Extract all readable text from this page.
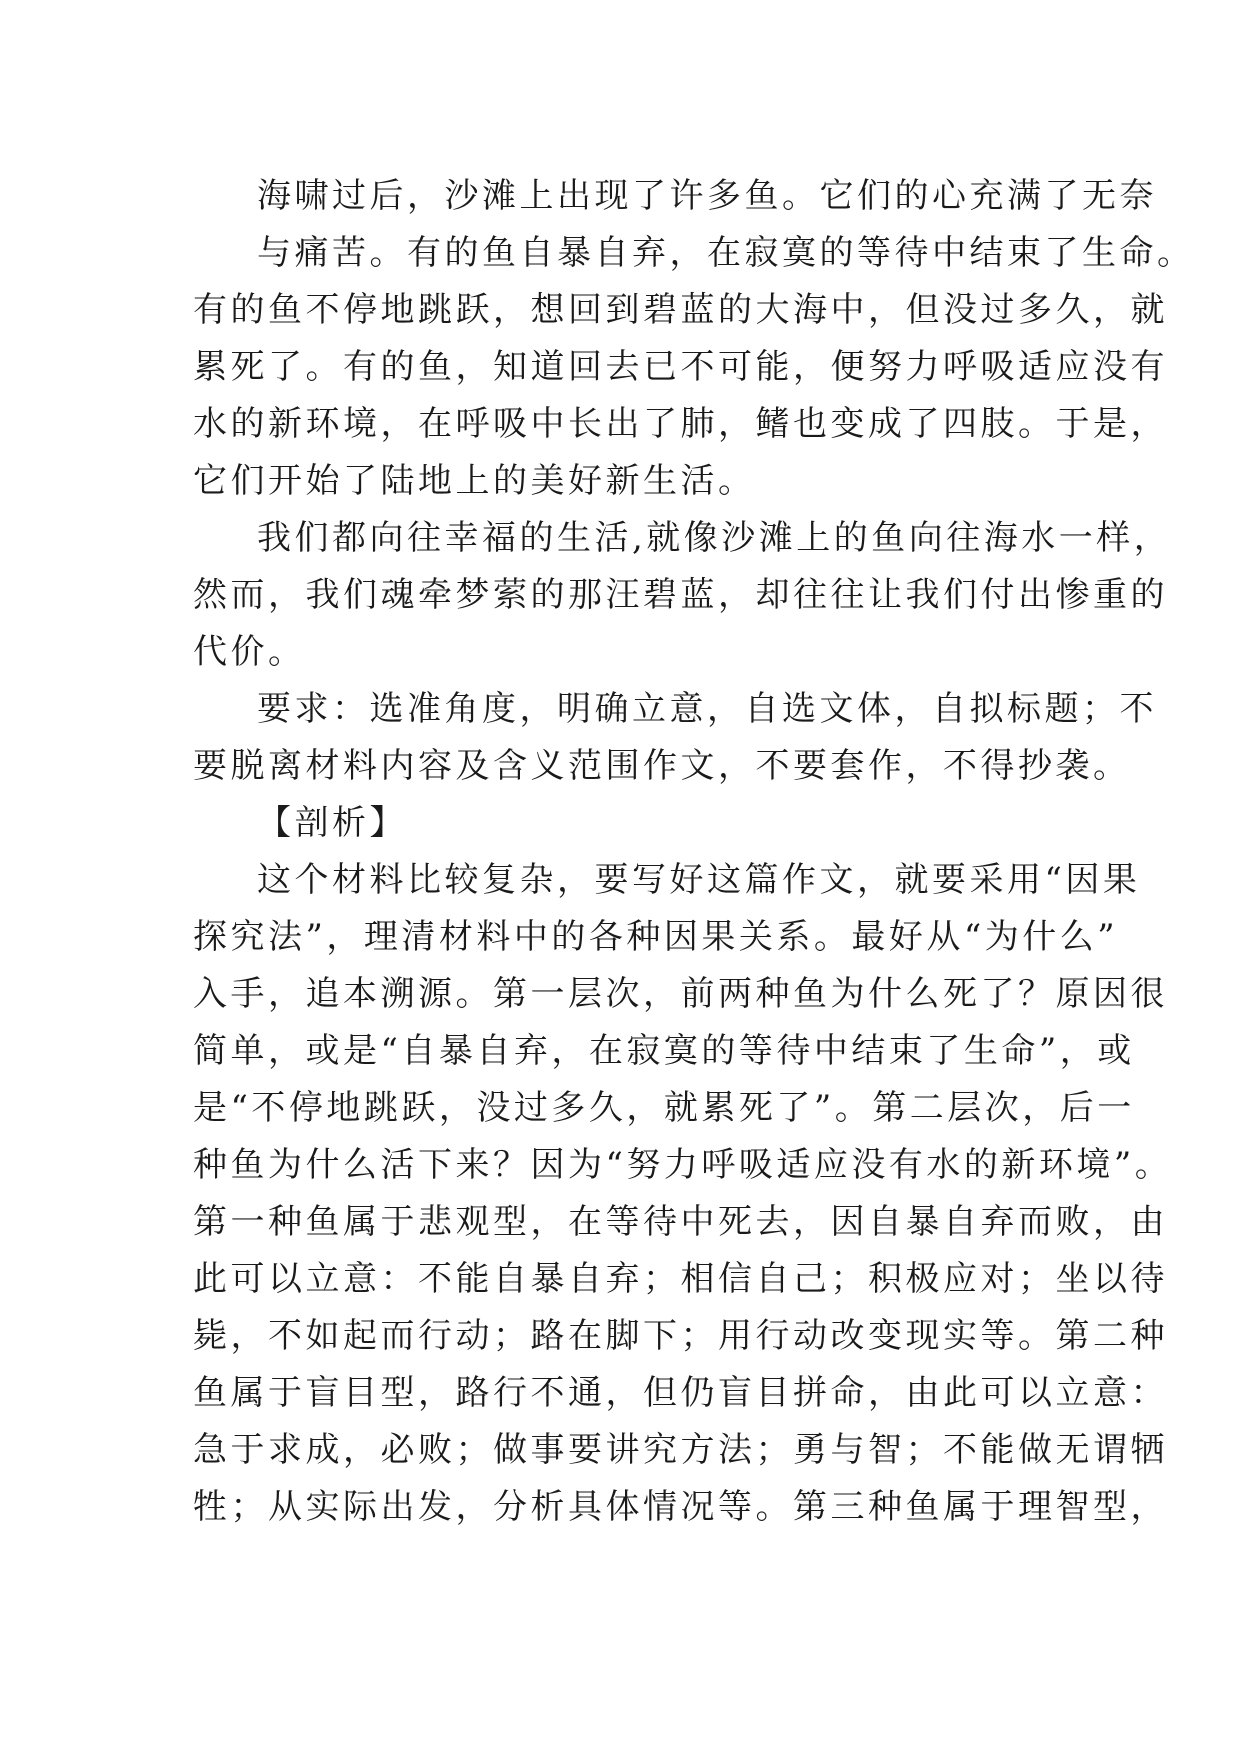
海啸过后，沙滩上出现了许多鱼。它们的心充满了无奈
与痛苦。有的鱼自暴自弃，在寂寞的等待中结束了生命。
有的鱼不停地跳跃，想回到碧蓝的大海中，但没过多久，就
累死了。有的鱼，知道回去已不可能，便努力呼吸适应没有
水的新环境，在呼吸中长出了肺，鳍也变成了四肢。于是，
它们开始了陆地上的美好新生活。
我们都向往幸福的生活,就像沙滩上的鱼向往海水一样，
然而，我们魂牵梦萦的那汪碧蓝，却往往让我们付出惨重的
代价。
要求：选准角度，明确立意，自选文体，自拟标题；不
要脱离材料内容及含义范围作文，不要套作，不得抄袭。
【剖析】
这个材料比较复杂，要写好这篇作文，就要采用“因果
探究法”，理清材料中的各种因果关系。最好从“为什么”
入手，追本溯源。第一层次，前两种鱼为什么死了？原因很
简单，或是“自暴自弃，在寂寞的等待中结束了生命”，或
是“不停地跳跃，没过多久，就累死了”。第二层次，后一
种鱼为什么活下来？因为“努力呼吸适应没有水的新环境”。
第一种鱼属于悲观型，在等待中死去，因自暴自弃而败，由
此可以立意：不能自暴自弃；相信自己；积极应对；坐以待
毙，不如起而行动；路在脚下；用行动改变现实等。第二种
鱼属于盲目型，路行不通，但仍盲目拼命，由此可以立意：
急于求成，必败；做事要讲究方法；勇与智；不能做无谓牺
牲；从实际出发，分析具体情况等。第三种鱼属于理智型，
